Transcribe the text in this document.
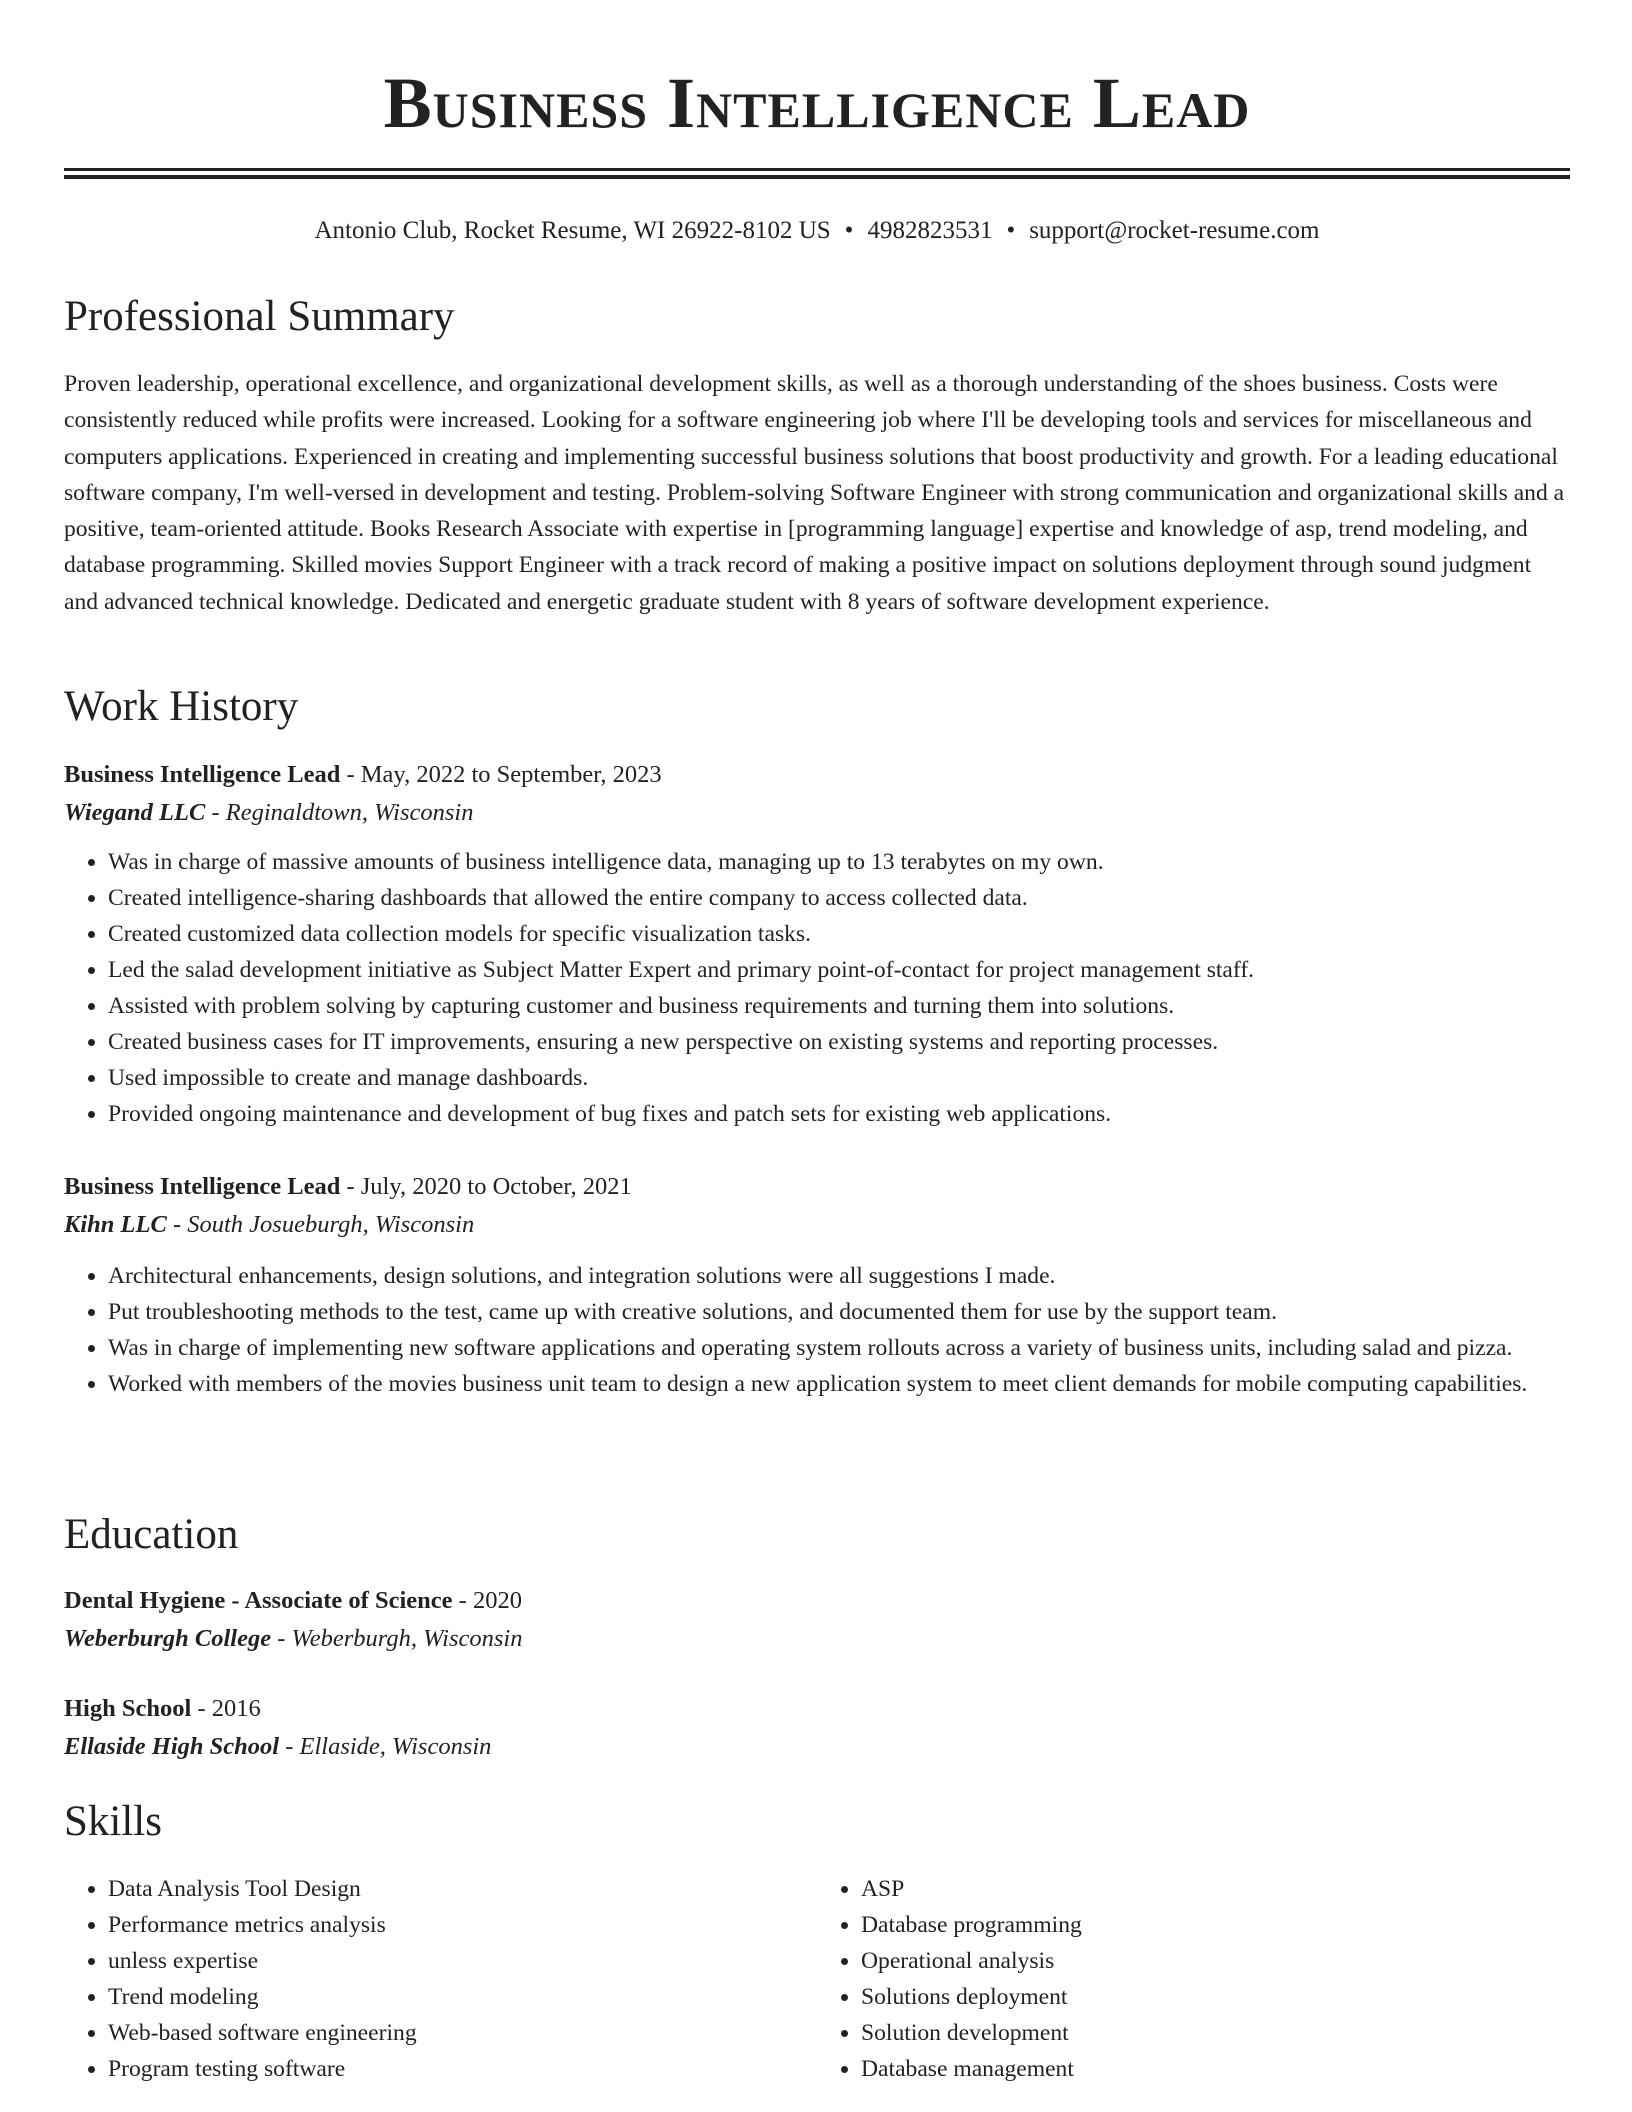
Business Intelligence Lead
Antonio Club, Rocket Resume, WI 26922-8102 US • 4982823531 • support@rocket-resume.com
Professional Summary

Proven leadership, operational excellence, and organizational development skills, as well as a thorough understanding of the shoes business. Costs were consistently reduced while profits were increased. Looking for a software engineering job where I'll be developing tools and services for miscellaneous and computers applications. Experienced in creating and implementing successful business solutions that boost productivity and growth. For a leading educational software company, I'm well-versed in development and testing. Problem-solving Software Engineer with strong communication and organizational skills and a positive, team-oriented attitude. Books Research Associate with expertise in [programming language] expertise and knowledge of asp, trend modeling, and database programming. Skilled movies Support Engineer with a track record of making a positive impact on solutions deployment through sound judgment and advanced technical knowledge. Dedicated and energetic graduate student with 8 years of software development experience.

Work History

Business Intelligence Lead - May, 2022 to September, 2023

Wiegand LLC - Reginaldtown, Wisconsin

• Was in charge of massive amounts of business intelligence data, managing up to 13 terabytes on my own.
• Created intelligence-sharing dashboards that allowed the entire company to access collected data.
• Created customized data collection models for specific visualization tasks.
• Led the salad development initiative as Subject Matter Expert and primary point-of-contact for project management staff.
• Assisted with problem solving by capturing customer and business requirements and turning them into solutions.
• Created business cases for IT improvements, ensuring a new perspective on existing systems and reporting processes.
• Used impossible to create and manage dashboards.
• Provided ongoing maintenance and development of bug fixes and patch sets for existing web applications.

Business Intelligence Lead - July, 2020 to October, 2021

Kihn LLC - South Josueburgh, Wisconsin

• Architectural enhancements, design solutions, and integration solutions were all suggestions I made.
• Put troubleshooting methods to the test, came up with creative solutions, and documented them for use by the support team.
• Was in charge of implementing new software applications and operating system rollouts across a variety of business units, including salad and pizza.
• Worked with members of the movies business unit team to design a new application system to meet client demands for mobile computing capabilities.
Education

Dental Hygiene - Associate of Science - 2020

Weberburgh College - Weberburgh, Wisconsin

High School - 2016

Ellaside High School - Ellaside, Wisconsin

Skills
• Data Analysis Tool Design
• Performance metrics analysis
• unless expertise
• Trend modeling
• Web-based software engineering
• Program testing software
• ASP
• Database programming
• Operational analysis
• Solutions deployment
• Solution development
• Database management
